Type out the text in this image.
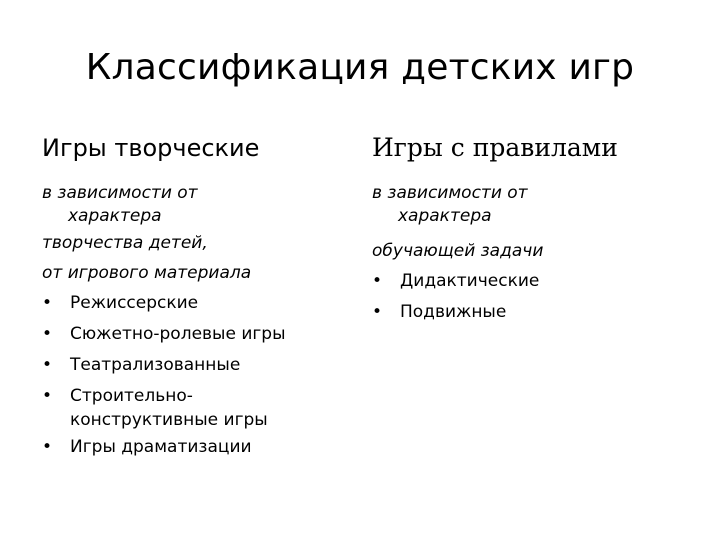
Классификация детских игр
Игры творческие
в зависимости от
характера
творчества детей,
от игрового материала
• Режиссерские
• Сюжетно-ролевые игры
• Театрализованные
• Строительно-
конструктивные игры
• Игры драматизации
Игры с правилами
в зависимости от
характера
обучающей задачи
• Дидактические
• Подвижные
